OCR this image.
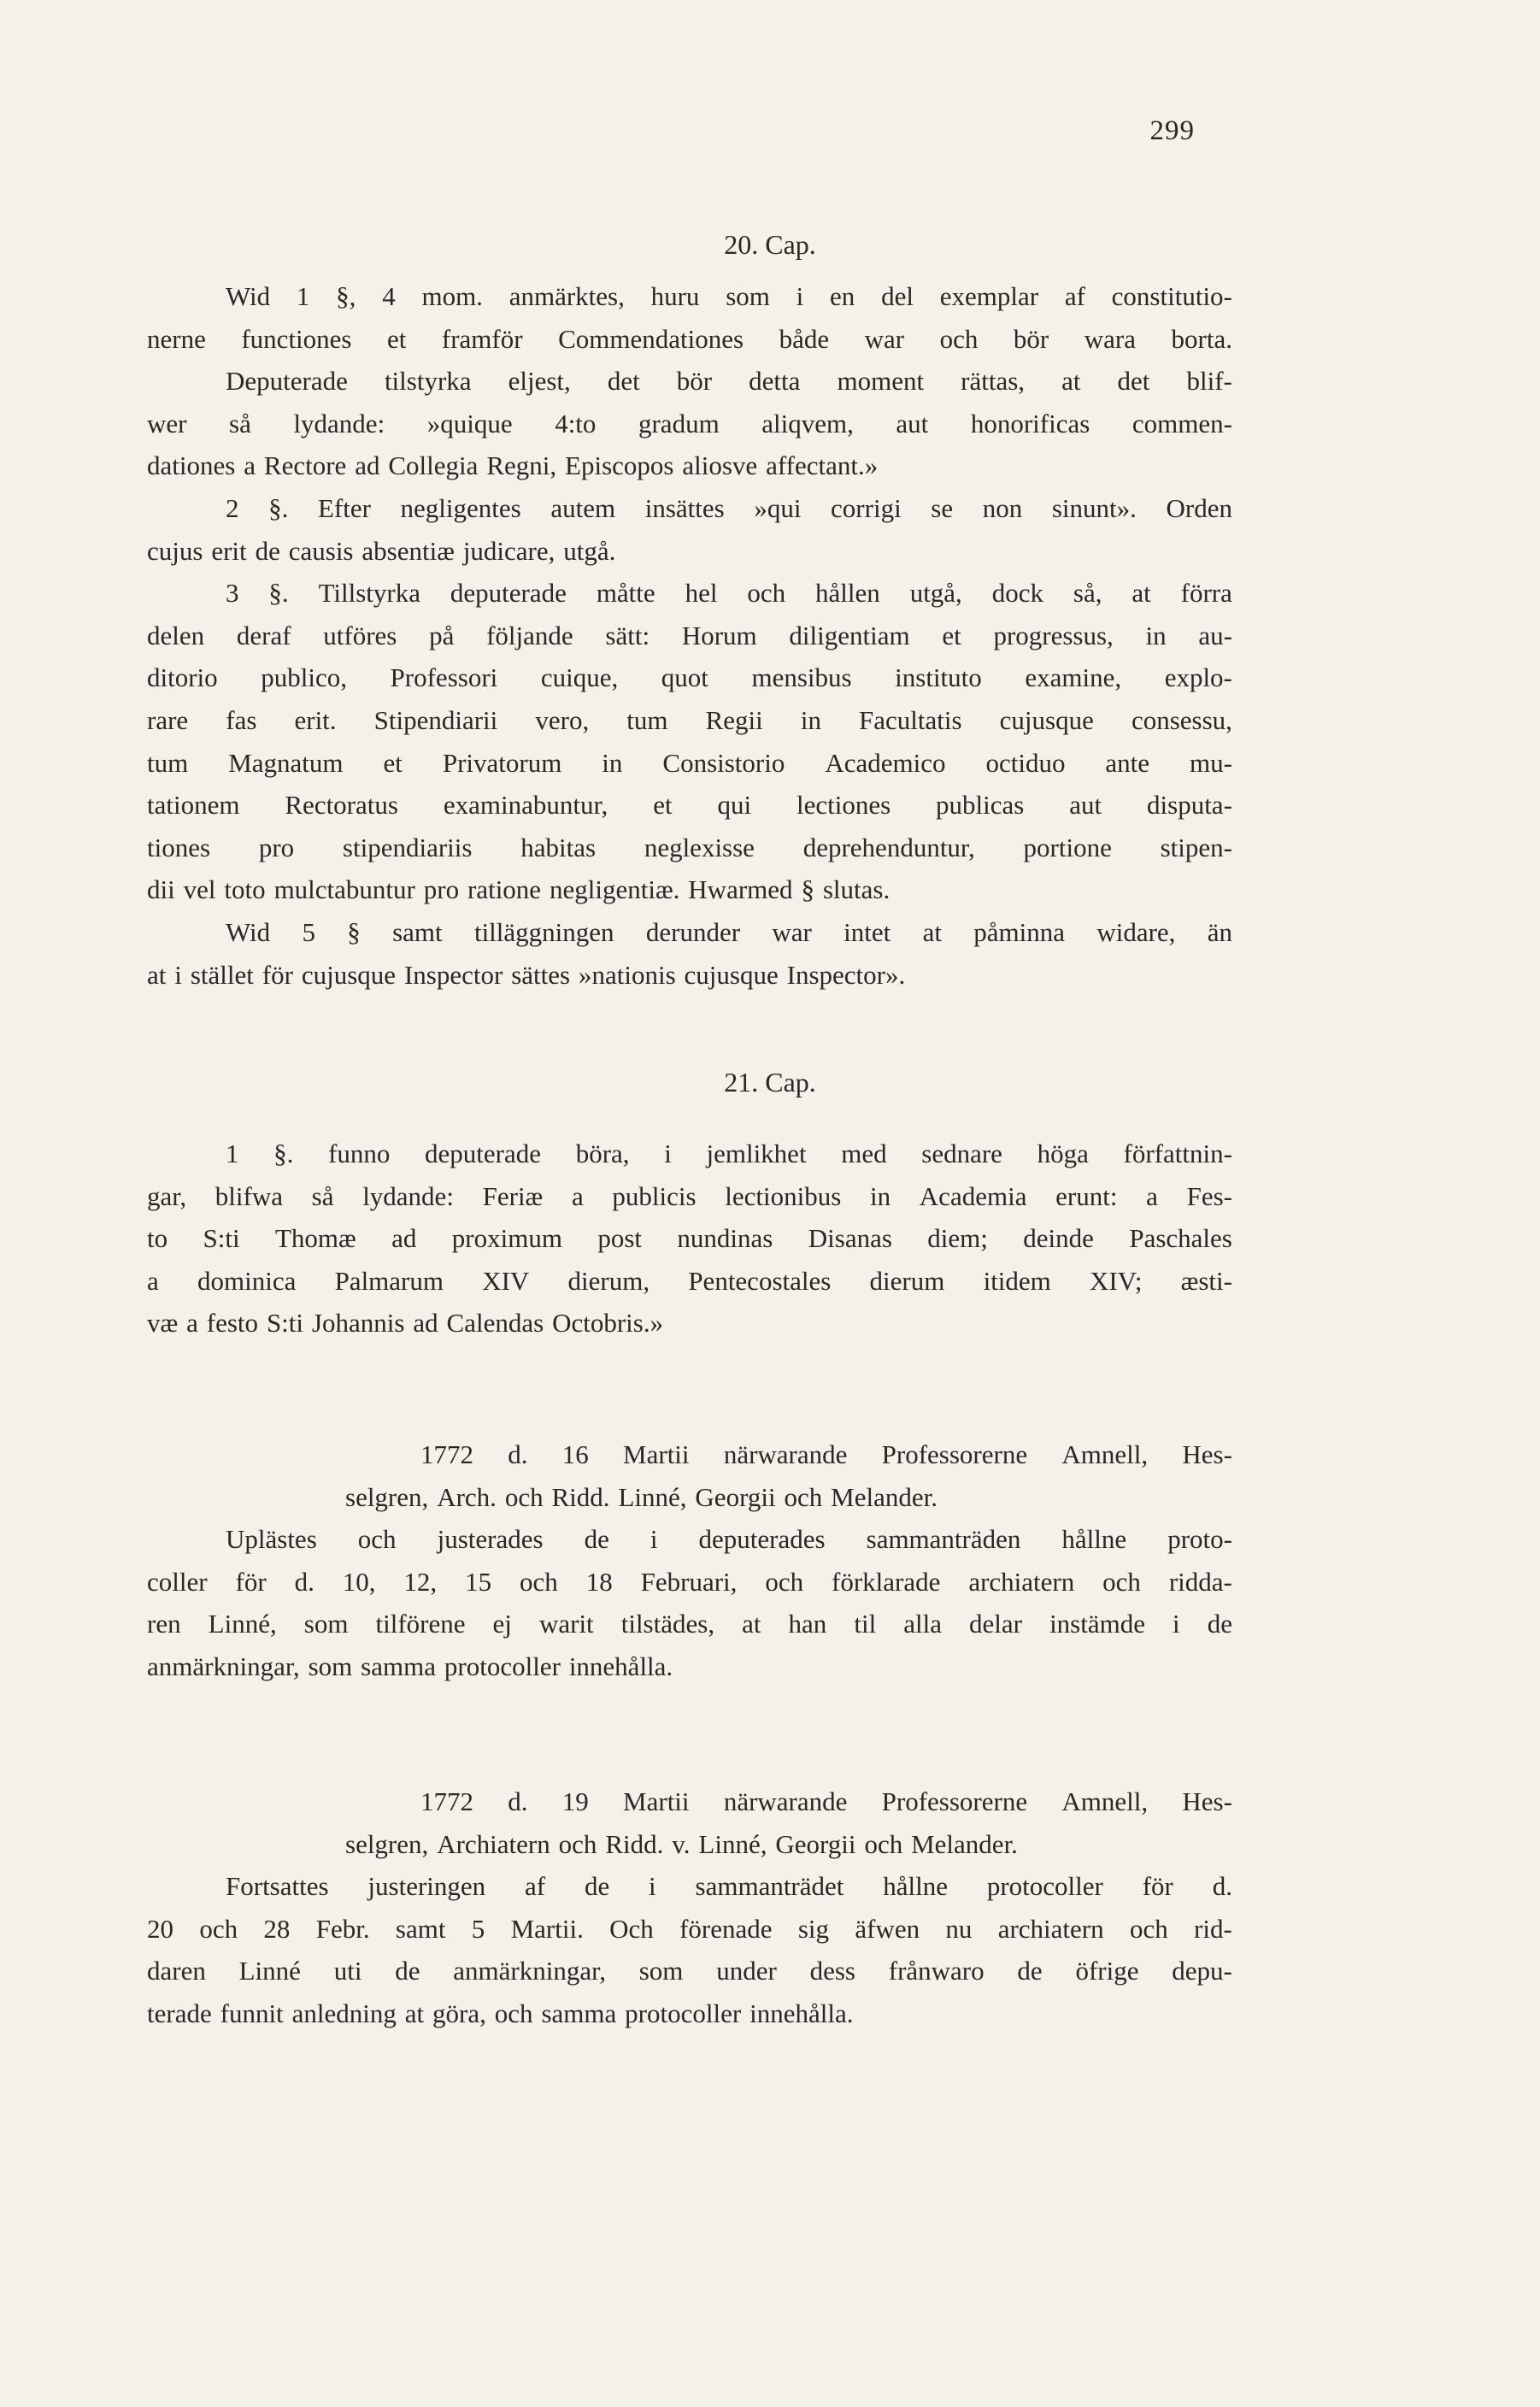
299
20. Cap.
Wid 1 §, 4 mom. anmärktes, huru som i en del exemplar af constitutio-
nerne functiones et framför Commendationes både war och bör wara borta.
Deputerade tilstyrka eljest, det bör detta moment rättas, at det blif-
wer så lydande: »quique 4:to gradum aliqvem, aut honorificas commen-
dationes a Rectore ad Collegia Regni, Episcopos aliosve affectant.»
2 §. Efter negligentes autem insättes »qui corrigi se non sinunt». Orden
cujus erit de causis absentiæ judicare, utgå.
3 §. Tillstyrka deputerade måtte hel och hållen utgå, dock så, at förra
delen deraf utföres på följande sätt: Horum diligentiam et progressus, in au-
ditorio publico, Professori cuique, quot mensibus instituto examine, explo-
rare fas erit. Stipendiarii vero, tum Regii in Facultatis cujusque consessu,
tum Magnatum et Privatorum in Consistorio Academico octiduo ante mu-
tationem Rectoratus examinabuntur, et qui lectiones publicas aut disputa-
tiones pro stipendiariis habitas neglexisse deprehenduntur, portione stipen-
dii vel toto mulctabuntur pro ratione negligentiæ. Hwarmed § slutas.
Wid 5 § samt tilläggningen derunder war intet at påminna widare, än
at i stället för cujusque Inspector sättes »nationis cujusque Inspector».
21. Cap.
1 §. funno deputerade böra, i jemlikhet med sednare höga författnin-
gar, blifwa så lydande: Feriæ a publicis lectionibus in Academia erunt: a Fes-
to S:ti Thomæ ad proximum post nundinas Disanas diem; deinde Paschales
a dominica Palmarum XIV dierum, Pentecostales dierum itidem XIV; æsti-
væ a festo S:ti Johannis ad Calendas Octobris.»
1772 d. 16 Martii närwarande Professorerne Amnell, Hes-
selgren, Arch. och Ridd. Linné, Georgii och Melander.
Uplästes och justerades de i deputerades sammanträden hållne proto-
coller för d. 10, 12, 15 och 18 Februari, och förklarade archiatern och ridda-
ren Linné, som tilförene ej warit tilstädes, at han til alla delar instämde i de
anmärkningar, som samma protocoller innehålla.
1772 d. 19 Martii närwarande Professorerne Amnell, Hes-
selgren, Archiatern och Ridd. v. Linné, Georgii och Melander.
Fortsattes justeringen af de i sammanträdet hållne protocoller för d.
20 och 28 Febr. samt 5 Martii. Och förenade sig äfwen nu archiatern och rid-
daren Linné uti de anmärkningar, som under dess frånwaro de öfrige depu-
terade funnit anledning at göra, och samma protocoller innehålla.
